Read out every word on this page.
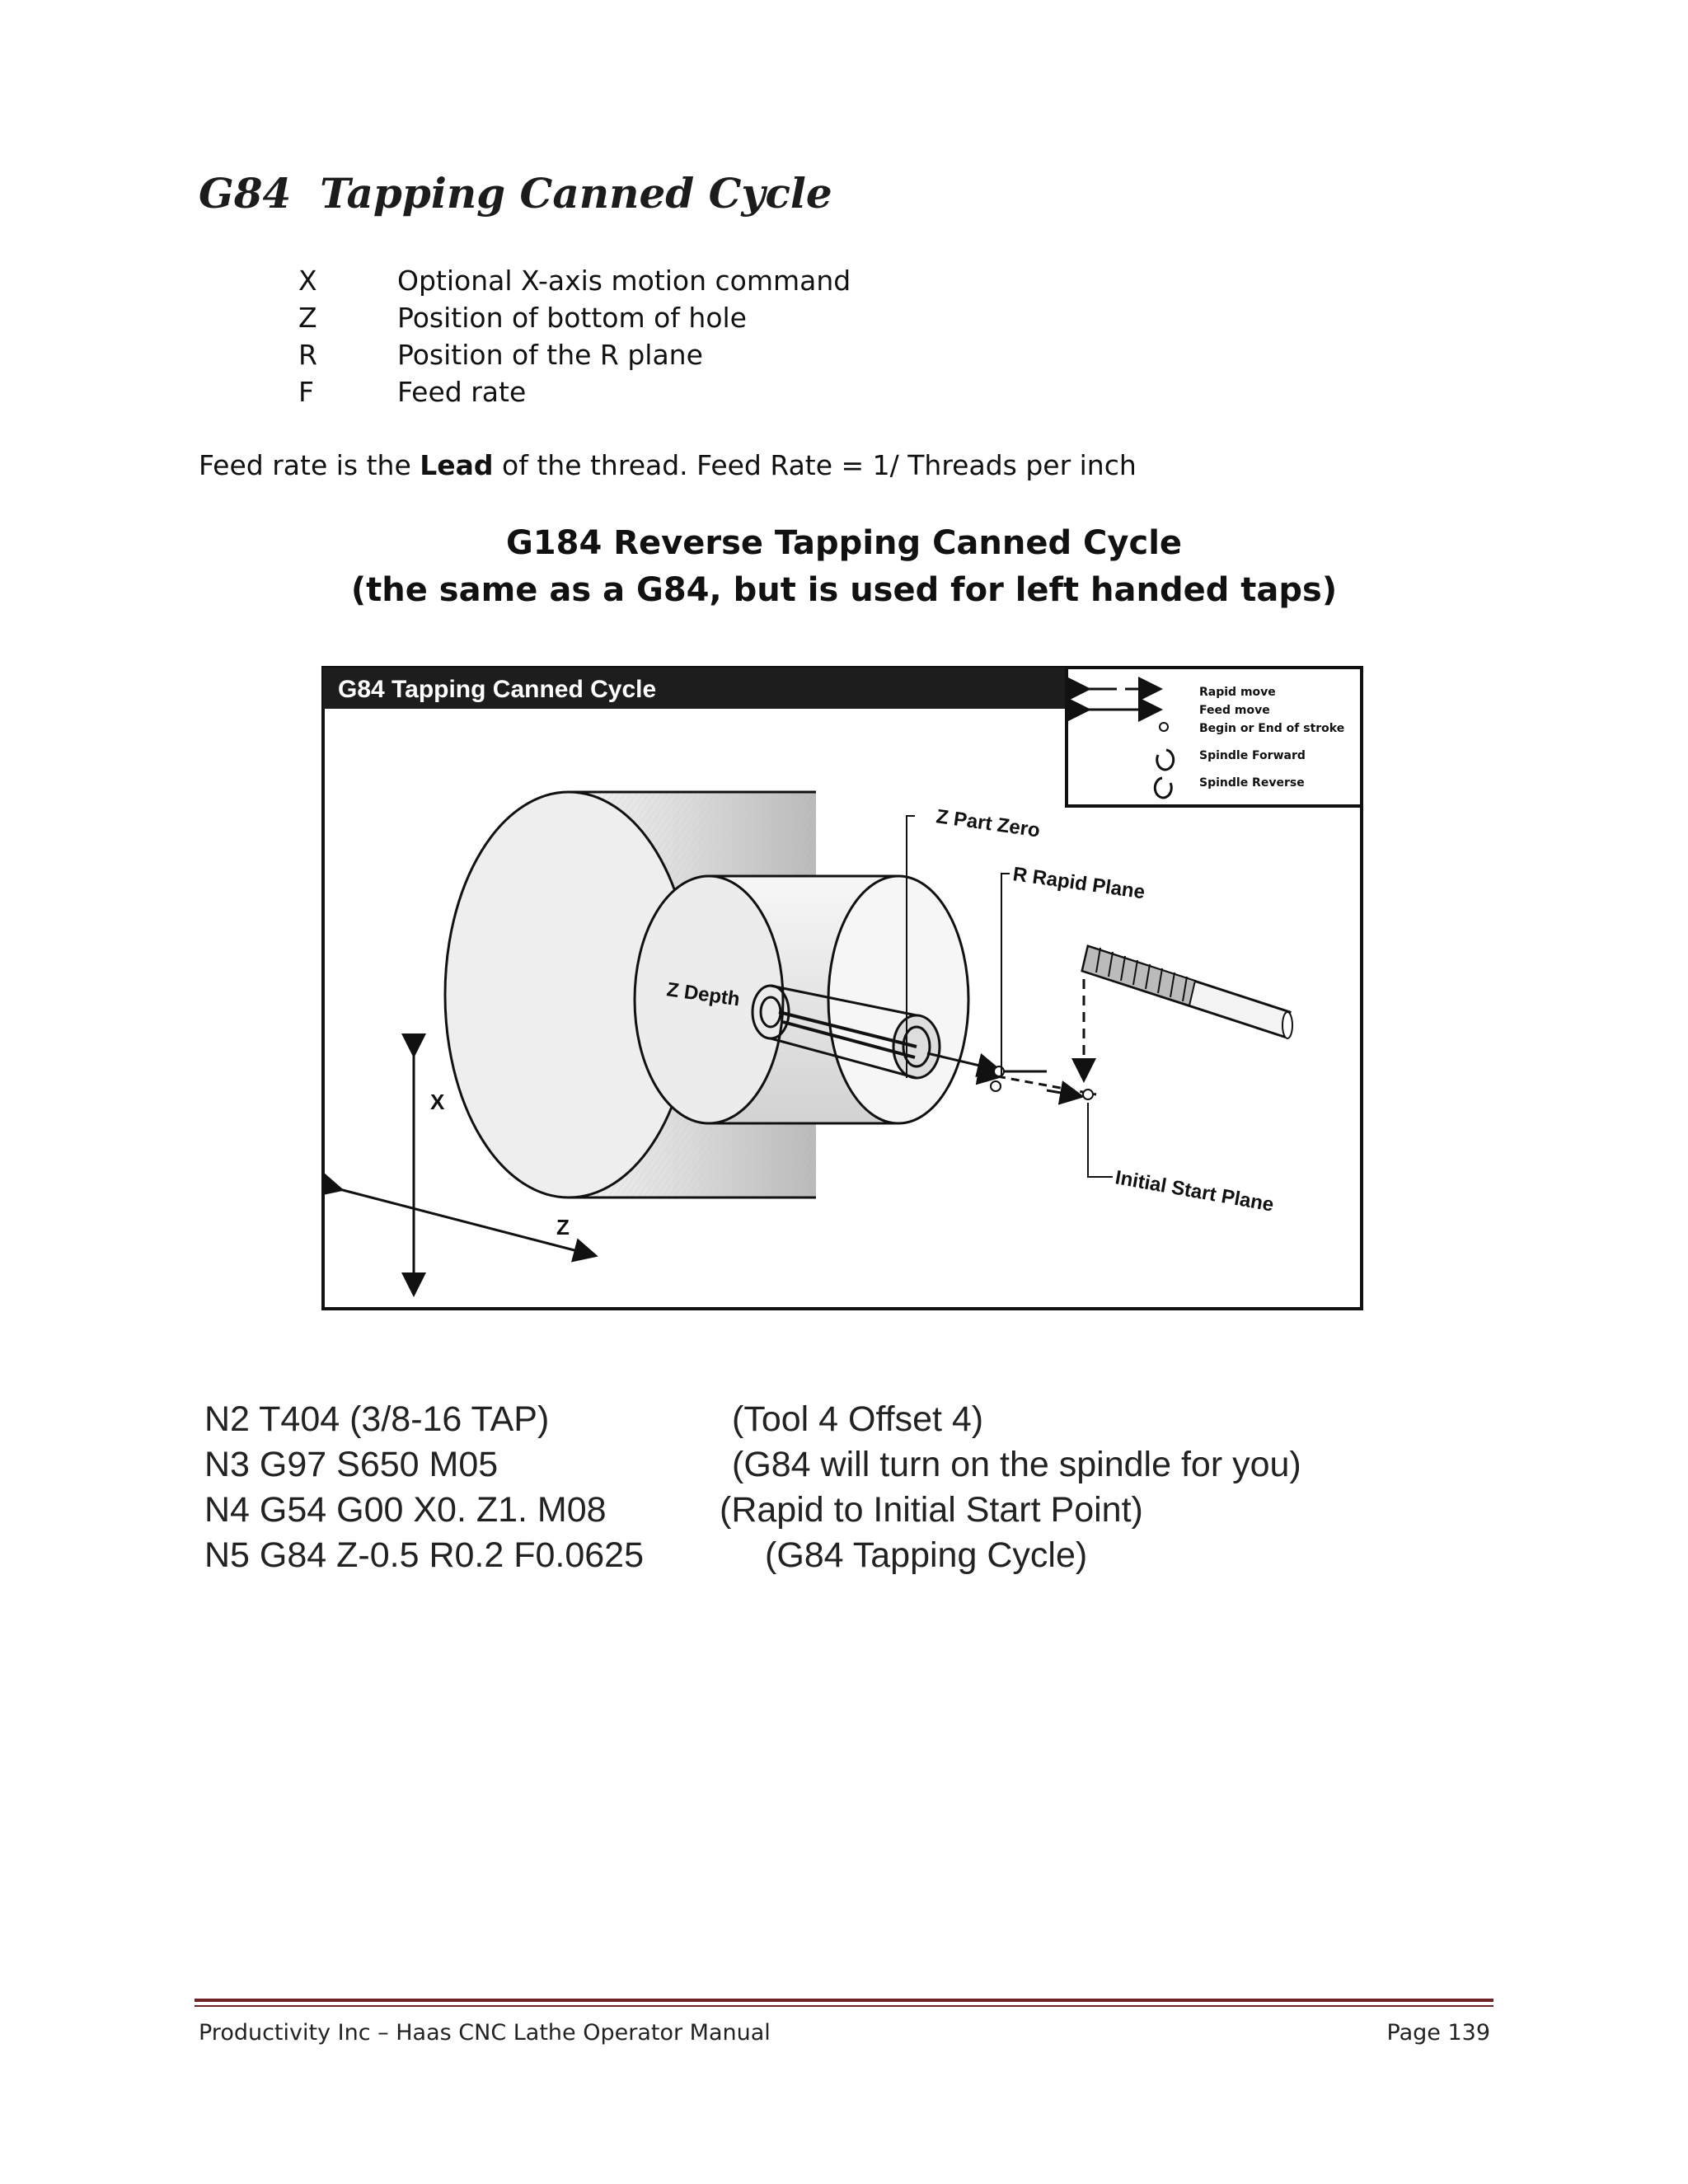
G84  Tapping Canned Cycle
X	Optional X-axis motion command
Z	Position of bottom of hole
R	Position of the R plane
F	Feed rate
Feed rate is the Lead of the thread. Feed Rate = 1/ Threads per inch
G184 Reverse Tapping Canned Cycle
(the same as a G84, but is used for left handed taps)
G84 Tapping Canned Cycle	Rapid move
Feed move
Begin or End of stroke
Spindle Forward
Spindle Reverse
X
Z
Z Part Zero
R Rapid Plane
Z Depth
Initial Start Plane
N2 T404 (3/8-16 TAP)	(Tool 4 Offset 4)
N3 G97 S650 M05	(G84 will turn on the spindle for you)
N4 G54 G00 X0. Z1. M08	(Rapid to Initial Start Point)
N5 G84 Z-0.5 R0.2 F0.0625	(G84 Tapping Cycle)
Productivity Inc – Haas CNC Lathe Operator Manual	Page 139
